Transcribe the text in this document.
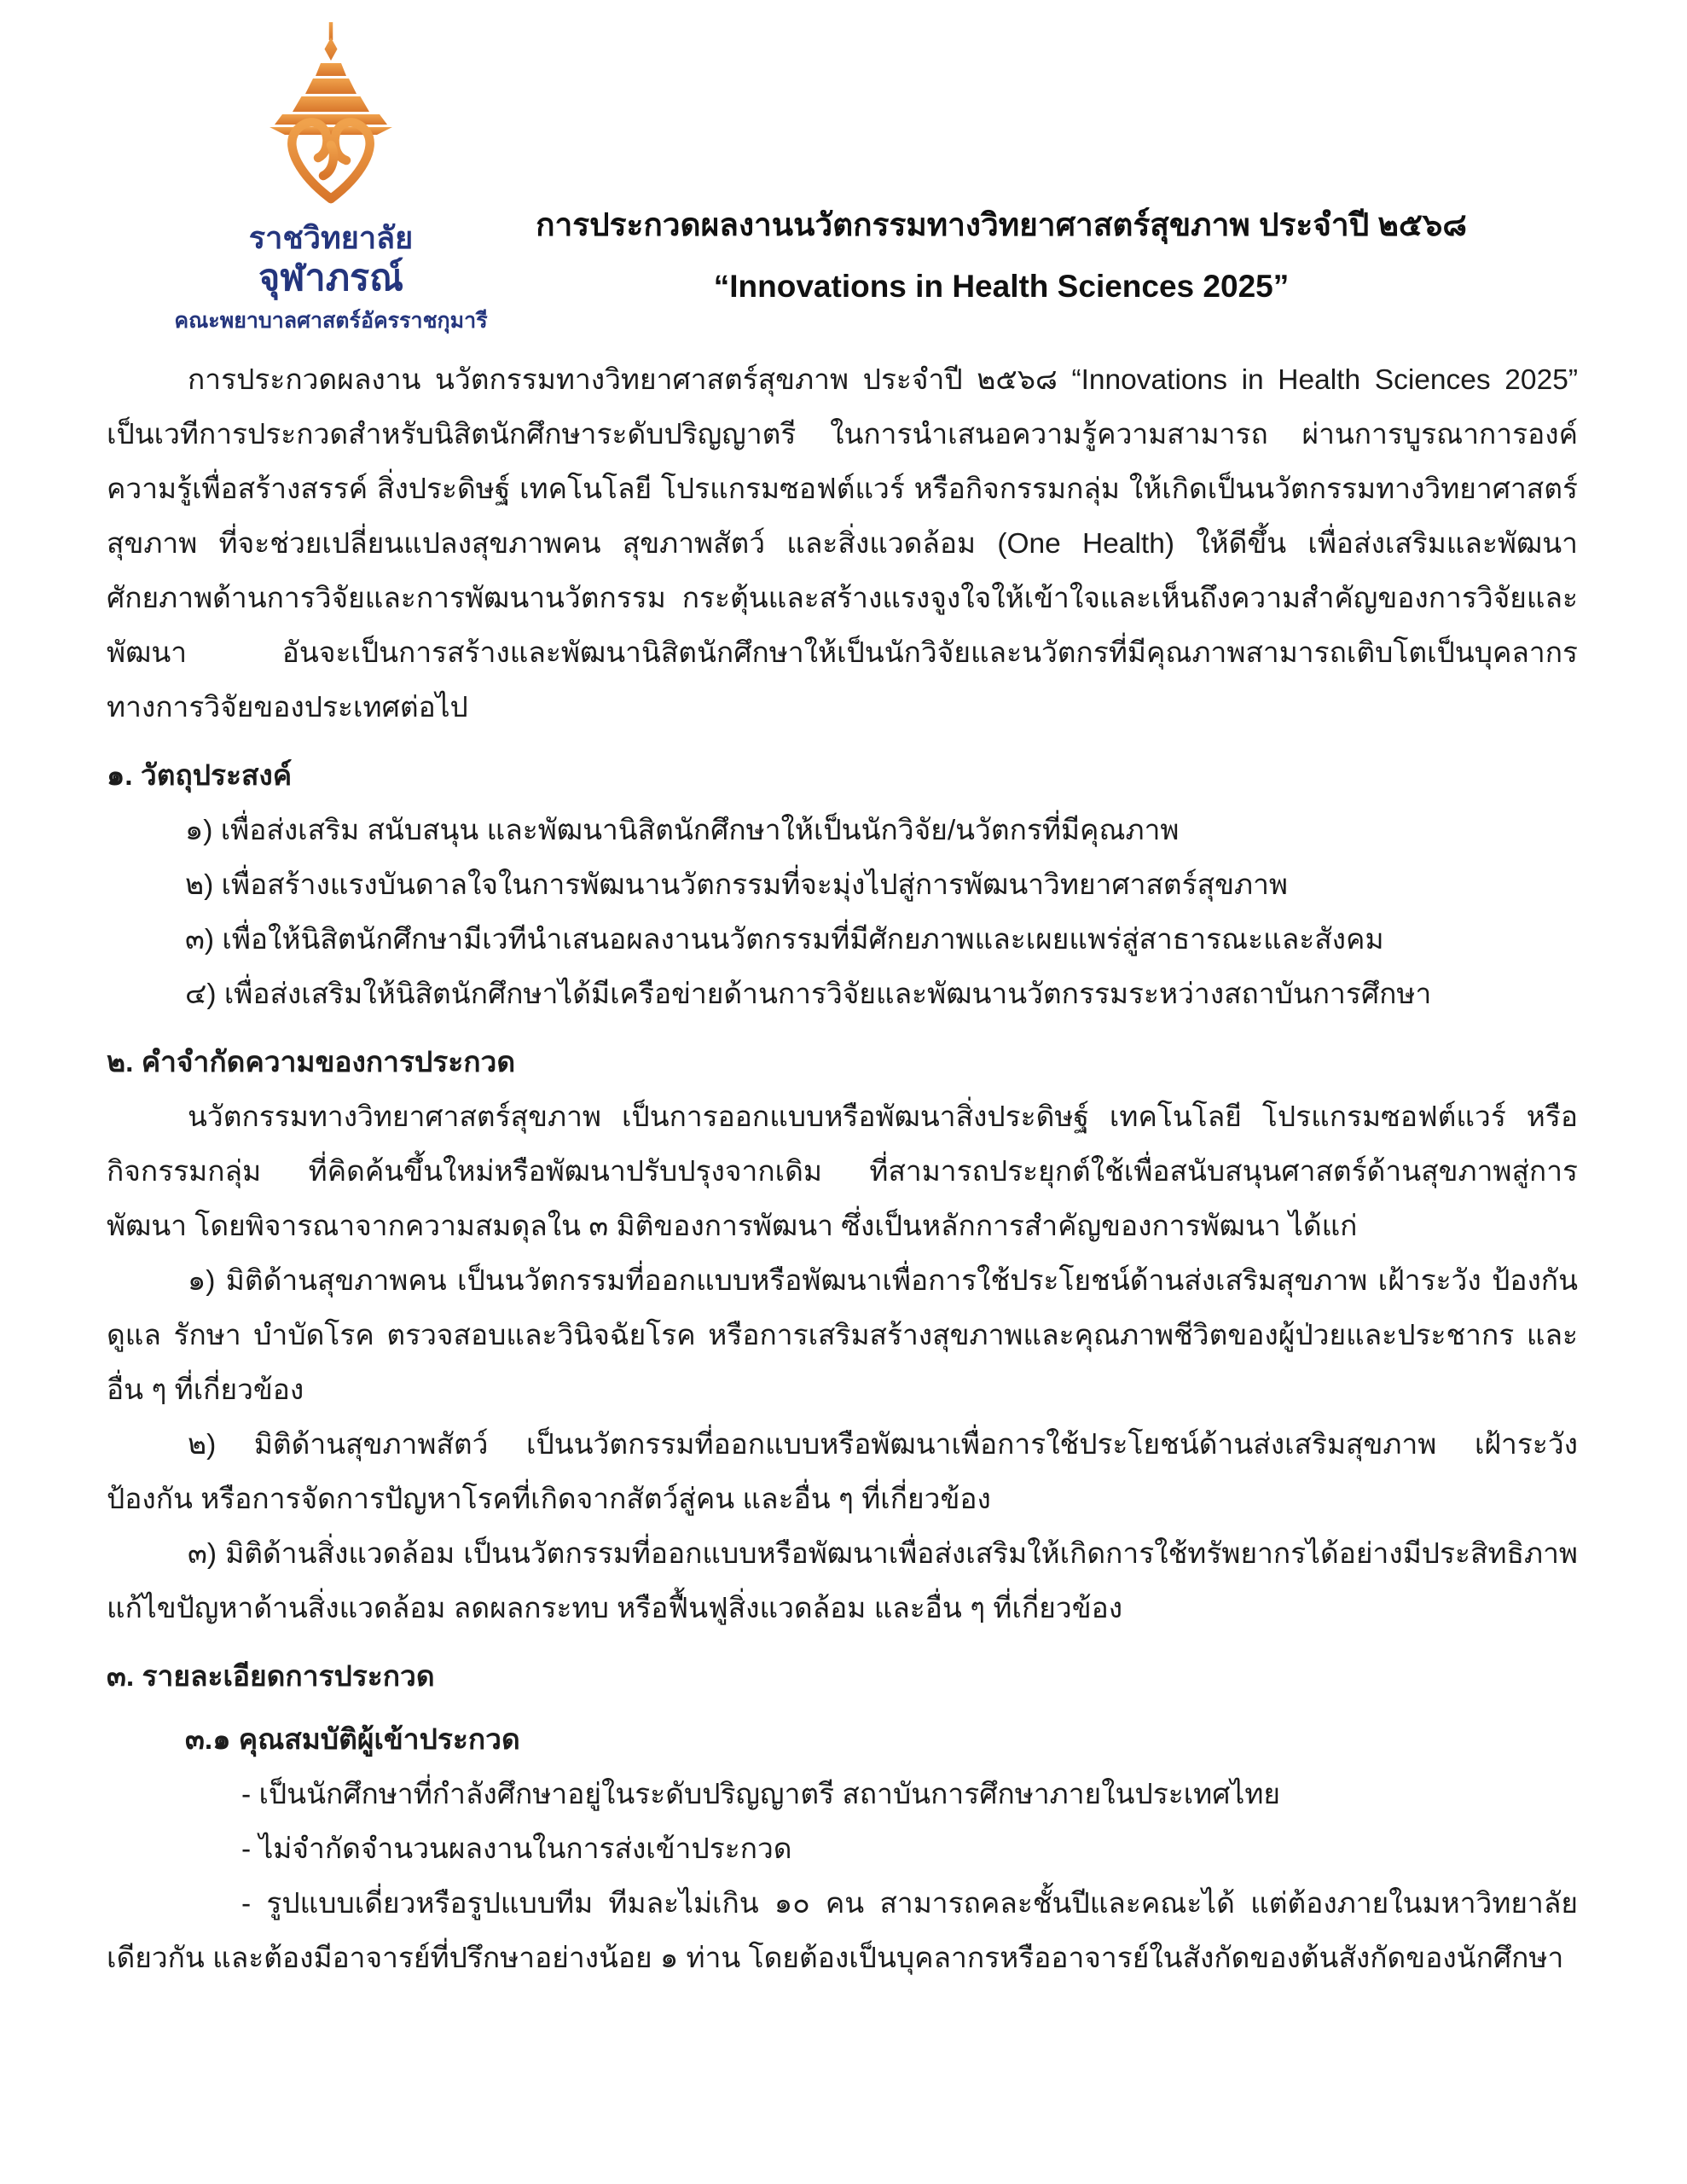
ราชวิทยาลัย
จุฬาภรณ์
คณะพยาบาลศาสตร์อัครราชกุมารี
การประกวดผลงานนวัตกรรมทางวิทยาศาสตร์สุขภาพ ประจำปี ๒๕๖๘
“Innovations in Health Sciences 2025”
การประกวดผลงาน นวัตกรรมทางวิทยาศาสตร์สุขภาพ ประจำปี ๒๕๖๘ “Innovations in Health Sciences 2025” เป็นเวทีการประกวดสำหรับนิสิตนักศึกษาระดับปริญญาตรี ในการนำเสนอความรู้ความสามารถ ผ่านการบูรณาการองค์ความรู้เพื่อสร้างสรรค์ สิ่งประดิษฐ์ เทคโนโลยี โปรแกรมซอฟต์แวร์ หรือกิจกรรมกลุ่ม ให้เกิดเป็นนวัตกรรมทางวิทยาศาสตร์สุขภาพ ที่จะช่วยเปลี่ยนแปลงสุขภาพคน สุขภาพสัตว์ และสิ่งแวดล้อม (One Health) ให้ดีขึ้น เพื่อส่งเสริมและพัฒนาศักยภาพด้านการวิจัยและการพัฒนานวัตกรรม กระตุ้นและสร้างแรงจูงใจให้เข้าใจและเห็นถึงความสำคัญของการวิจัยและพัฒนา อันจะเป็นการสร้างและพัฒนานิสิตนักศึกษาให้เป็นนักวิจัยและนวัตกรที่มีคุณภาพสามารถเติบโตเป็นบุคลากรทางการวิจัยของประเทศต่อไป
๑. วัตถุประสงค์
๑) เพื่อส่งเสริม สนับสนุน และพัฒนานิสิตนักศึกษาให้เป็นนักวิจัย/นวัตกรที่มีคุณภาพ
๒) เพื่อสร้างแรงบันดาลใจในการพัฒนานวัตกรรมที่จะมุ่งไปสู่การพัฒนาวิทยาศาสตร์สุขภาพ
๓) เพื่อให้นิสิตนักศึกษามีเวทีนำเสนอผลงานนวัตกรรมที่มีศักยภาพและเผยแพร่สู่สาธารณะและสังคม
๔) เพื่อส่งเสริมให้นิสิตนักศึกษาได้มีเครือข่ายด้านการวิจัยและพัฒนานวัตกรรมระหว่างสถาบันการศึกษา
๒. คำจำกัดความของการประกวด
นวัตกรรมทางวิทยาศาสตร์สุขภาพ เป็นการออกแบบหรือพัฒนาสิ่งประดิษฐ์ เทคโนโลยี โปรแกรมซอฟต์แวร์ หรือกิจกรรมกลุ่ม ที่คิดค้นขึ้นใหม่หรือพัฒนาปรับปรุงจากเดิม ที่สามารถประยุกต์ใช้เพื่อสนับสนุนศาสตร์ด้านสุขภาพสู่การพัฒนา โดยพิจารณาจากความสมดุลใน ๓ มิติของการพัฒนา ซึ่งเป็นหลักการสำคัญของการพัฒนา ได้แก่
๑) มิติด้านสุขภาพคน เป็นนวัตกรรมที่ออกแบบหรือพัฒนาเพื่อการใช้ประโยชน์ด้านส่งเสริมสุขภาพ เฝ้าระวัง ป้องกัน ดูแล รักษา บำบัดโรค ตรวจสอบและวินิจฉัยโรค หรือการเสริมสร้างสุขภาพและคุณภาพชีวิตของผู้ป่วยและประชากร และอื่น ๆ ที่เกี่ยวข้อง
๒) มิติด้านสุขภาพสัตว์ เป็นนวัตกรรมที่ออกแบบหรือพัฒนาเพื่อการใช้ประโยชน์ด้านส่งเสริมสุขภาพ เฝ้าระวัง ป้องกัน หรือการจัดการปัญหาโรคที่เกิดจากสัตว์สู่คน และอื่น ๆ ที่เกี่ยวข้อง
๓) มิติด้านสิ่งแวดล้อม เป็นนวัตกรรมที่ออกแบบหรือพัฒนาเพื่อส่งเสริมให้เกิดการใช้ทรัพยากรได้อย่างมีประสิทธิภาพ แก้ไขปัญหาด้านสิ่งแวดล้อม ลดผลกระทบ หรือฟื้นฟูสิ่งแวดล้อม และอื่น ๆ ที่เกี่ยวข้อง
๓. รายละเอียดการประกวด
๓.๑ คุณสมบัติผู้เข้าประกวด
- เป็นนักศึกษาที่กำลังศึกษาอยู่ในระดับปริญญาตรี สถาบันการศึกษาภายในประเทศไทย
- ไม่จำกัดจำนวนผลงานในการส่งเข้าประกวด
- รูปแบบเดี่ยวหรือรูปแบบทีม ทีมละไม่เกิน ๑๐ คน สามารถคละชั้นปีและคณะได้ แต่ต้องภายในมหาวิทยาลัยเดียวกัน และต้องมีอาจารย์ที่ปรึกษาอย่างน้อย ๑ ท่าน โดยต้องเป็นบุคลากรหรืออาจารย์ในสังกัดของต้นสังกัดของนักศึกษา
